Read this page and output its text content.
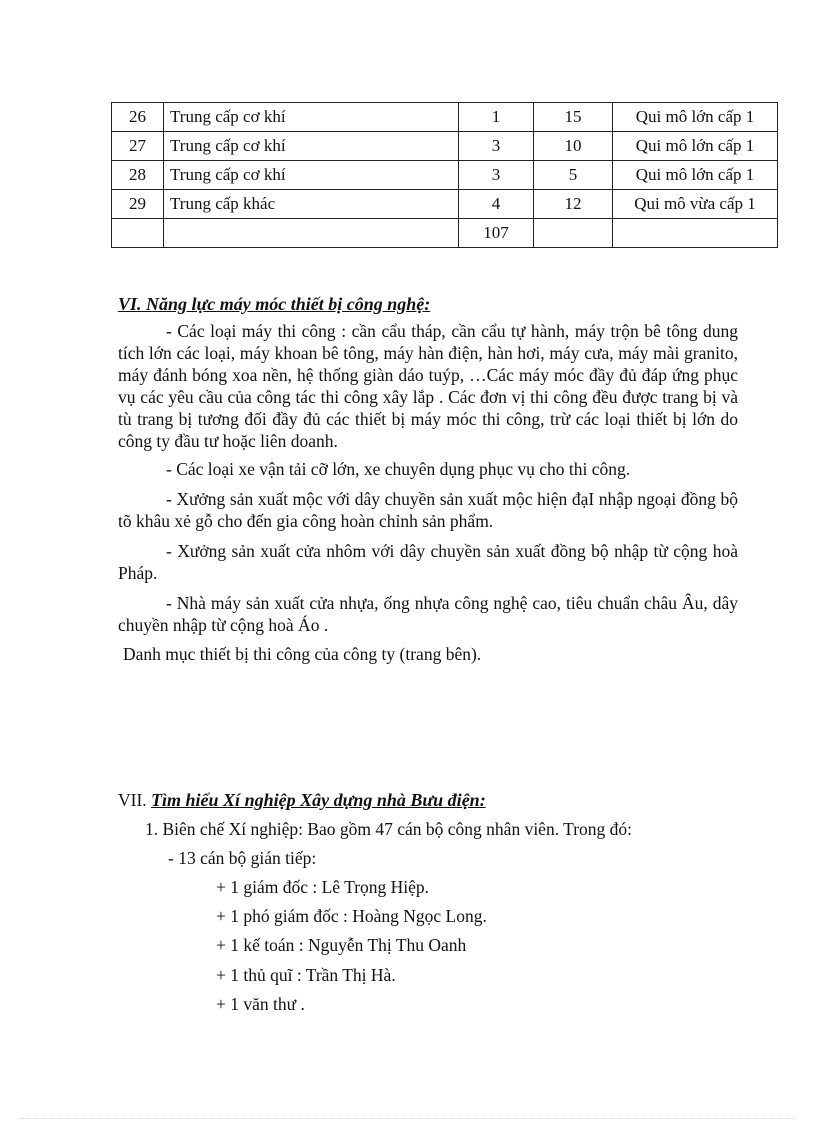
26	Trung cấp cơ khí	1	15	Qui mô lớn cấp 1
27	Trung cấp cơ khí	3	10	Qui mô lớn cấp 1
28	Trung cấp cơ khí	3	5	Qui mô lớn cấp 1
29	Trung cấp khác	4	12	Qui mô vừa cấp 1
		107		
VI. Năng lực máy móc thiết bị công nghệ:
- Các loại máy thi công : cần cẩu tháp, cần cẩu tự hành, máy trộn bê tông dung tích lớn các loại, máy khoan bê tông, máy hàn điện, hàn hơi, máy cưa, máy mài granito, máy đánh bóng xoa nền, hệ thống giàn dáo tuýp, …Các máy móc đầy đủ đáp ứng phục vụ các yêu cầu của công tác thi công xây lắp . Các đơn vị thi công đều được trang bị và tù trang bị tương đối đầy đủ các thiết bị máy móc thi công, trừ các loại thiết bị lớn do công ty đầu tư hoặc liên doanh.
- Các loại xe vận tải cỡ lớn, xe chuyên dụng phục vụ cho thi công.
- Xưởng sản xuất mộc với dây chuyền sản xuất mộc hiện đạI nhập ngoại đồng bộ tõ khâu xẻ gỗ cho đến gia công hoàn chỉnh sản phẩm.
- Xưởng sản xuất cửa nhôm với dây chuyền sản xuất đồng bộ nhập từ cộng hoà Pháp.
- Nhà máy sản xuất cửa nhựa, ống nhựa công nghệ cao, tiêu chuẩn châu Âu, dây chuyền nhập từ cộng hoà Áo .
Danh mục thiết bị thi công của công ty (trang bên).
VII. Tìm hiểu Xí nghiệp Xây dựng nhà Bưu điện:
1. Biên chế Xí nghiệp: Bao gồm 47 cán bộ công nhân viên. Trong đó:
- 13 cán bộ gián tiếp:
+ 1 giám đốc : Lê Trọng Hiệp.
+ 1 phó giám đốc : Hoàng Ngọc Long.
+ 1 kế toán : Nguyễn Thị Thu Oanh
+ 1 thủ quĩ : Trần Thị Hà.
+ 1 văn thư .
